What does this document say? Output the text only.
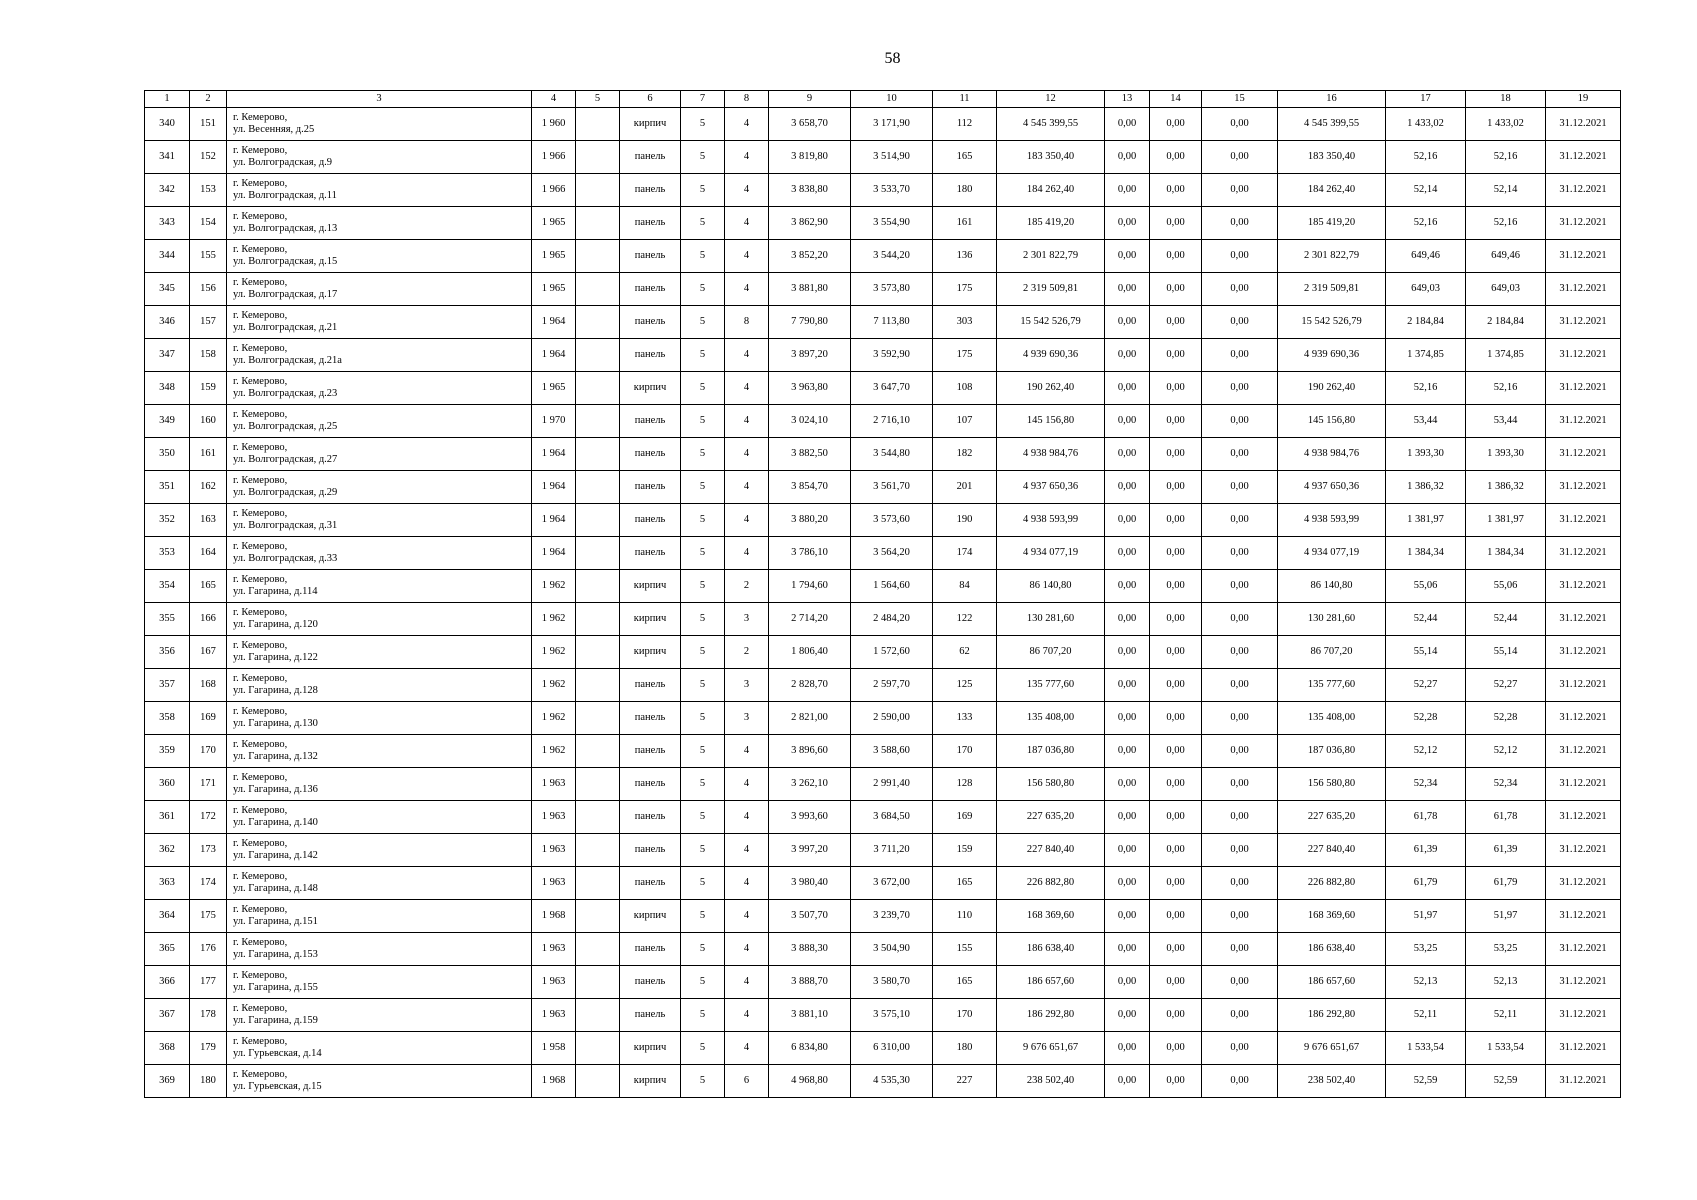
58
1	2	3	4	5	6	7	8	9	10	11	12	13	14	15	16	17	18	19
340	151	г. Кемерово,
ул. Весенняя, д.25	1 960		кирпич	5	4	3 658,70	3 171,90	112	4 545 399,55	0,00	0,00	0,00	4 545 399,55	1 433,02	1 433,02	31.12.2021
341	152	г. Кемерово,
ул. Волгоградская, д.9	1 966		панель	5	4	3 819,80	3 514,90	165	183 350,40	0,00	0,00	0,00	183 350,40	52,16	52,16	31.12.2021
342	153	г. Кемерово,
ул. Волгоградская, д.11	1 966		панель	5	4	3 838,80	3 533,70	180	184 262,40	0,00	0,00	0,00	184 262,40	52,14	52,14	31.12.2021
343	154	г. Кемерово,
ул. Волгоградская, д.13	1 965		панель	5	4	3 862,90	3 554,90	161	185 419,20	0,00	0,00	0,00	185 419,20	52,16	52,16	31.12.2021
344	155	г. Кемерово,
ул. Волгоградская, д.15	1 965		панель	5	4	3 852,20	3 544,20	136	2 301 822,79	0,00	0,00	0,00	2 301 822,79	649,46	649,46	31.12.2021
345	156	г. Кемерово,
ул. Волгоградская, д.17	1 965		панель	5	4	3 881,80	3 573,80	175	2 319 509,81	0,00	0,00	0,00	2 319 509,81	649,03	649,03	31.12.2021
346	157	г. Кемерово,
ул. Волгоградская, д.21	1 964		панель	5	8	7 790,80	7 113,80	303	15 542 526,79	0,00	0,00	0,00	15 542 526,79	2 184,84	2 184,84	31.12.2021
347	158	г. Кемерово,
ул. Волгоградская, д.21а	1 964		панель	5	4	3 897,20	3 592,90	175	4 939 690,36	0,00	0,00	0,00	4 939 690,36	1 374,85	1 374,85	31.12.2021
348	159	г. Кемерово,
ул. Волгоградская, д.23	1 965		кирпич	5	4	3 963,80	3 647,70	108	190 262,40	0,00	0,00	0,00	190 262,40	52,16	52,16	31.12.2021
349	160	г. Кемерово,
ул. Волгоградская, д.25	1 970		панель	5	4	3 024,10	2 716,10	107	145 156,80	0,00	0,00	0,00	145 156,80	53,44	53,44	31.12.2021
350	161	г. Кемерово,
ул. Волгоградская, д.27	1 964		панель	5	4	3 882,50	3 544,80	182	4 938 984,76	0,00	0,00	0,00	4 938 984,76	1 393,30	1 393,30	31.12.2021
351	162	г. Кемерово,
ул. Волгоградская, д.29	1 964		панель	5	4	3 854,70	3 561,70	201	4 937 650,36	0,00	0,00	0,00	4 937 650,36	1 386,32	1 386,32	31.12.2021
352	163	г. Кемерово,
ул. Волгоградская, д.31	1 964		панель	5	4	3 880,20	3 573,60	190	4 938 593,99	0,00	0,00	0,00	4 938 593,99	1 381,97	1 381,97	31.12.2021
353	164	г. Кемерово,
ул. Волгоградская, д.33	1 964		панель	5	4	3 786,10	3 564,20	174	4 934 077,19	0,00	0,00	0,00	4 934 077,19	1 384,34	1 384,34	31.12.2021
354	165	г. Кемерово,
ул. Гагарина, д.114	1 962		кирпич	5	2	1 794,60	1 564,60	84	86 140,80	0,00	0,00	0,00	86 140,80	55,06	55,06	31.12.2021
355	166	г. Кемерово,
ул. Гагарина, д.120	1 962		кирпич	5	3	2 714,20	2 484,20	122	130 281,60	0,00	0,00	0,00	130 281,60	52,44	52,44	31.12.2021
356	167	г. Кемерово,
ул. Гагарина, д.122	1 962		кирпич	5	2	1 806,40	1 572,60	62	86 707,20	0,00	0,00	0,00	86 707,20	55,14	55,14	31.12.2021
357	168	г. Кемерово,
ул. Гагарина, д.128	1 962		панель	5	3	2 828,70	2 597,70	125	135 777,60	0,00	0,00	0,00	135 777,60	52,27	52,27	31.12.2021
358	169	г. Кемерово,
ул. Гагарина, д.130	1 962		панель	5	3	2 821,00	2 590,00	133	135 408,00	0,00	0,00	0,00	135 408,00	52,28	52,28	31.12.2021
359	170	г. Кемерово,
ул. Гагарина, д.132	1 962		панель	5	4	3 896,60	3 588,60	170	187 036,80	0,00	0,00	0,00	187 036,80	52,12	52,12	31.12.2021
360	171	г. Кемерово,
ул. Гагарина, д.136	1 963		панель	5	4	3 262,10	2 991,40	128	156 580,80	0,00	0,00	0,00	156 580,80	52,34	52,34	31.12.2021
361	172	г. Кемерово,
ул. Гагарина, д.140	1 963		панель	5	4	3 993,60	3 684,50	169	227 635,20	0,00	0,00	0,00	227 635,20	61,78	61,78	31.12.2021
362	173	г. Кемерово,
ул. Гагарина, д.142	1 963		панель	5	4	3 997,20	3 711,20	159	227 840,40	0,00	0,00	0,00	227 840,40	61,39	61,39	31.12.2021
363	174	г. Кемерово,
ул. Гагарина, д.148	1 963		панель	5	4	3 980,40	3 672,00	165	226 882,80	0,00	0,00	0,00	226 882,80	61,79	61,79	31.12.2021
364	175	г. Кемерово,
ул. Гагарина, д.151	1 968		кирпич	5	4	3 507,70	3 239,70	110	168 369,60	0,00	0,00	0,00	168 369,60	51,97	51,97	31.12.2021
365	176	г. Кемерово,
ул. Гагарина, д.153	1 963		панель	5	4	3 888,30	3 504,90	155	186 638,40	0,00	0,00	0,00	186 638,40	53,25	53,25	31.12.2021
366	177	г. Кемерово,
ул. Гагарина, д.155	1 963		панель	5	4	3 888,70	3 580,70	165	186 657,60	0,00	0,00	0,00	186 657,60	52,13	52,13	31.12.2021
367	178	г. Кемерово,
ул. Гагарина, д.159	1 963		панель	5	4	3 881,10	3 575,10	170	186 292,80	0,00	0,00	0,00	186 292,80	52,11	52,11	31.12.2021
368	179	г. Кемерово,
ул. Гурьевская, д.14	1 958		кирпич	5	4	6 834,80	6 310,00	180	9 676 651,67	0,00	0,00	0,00	9 676 651,67	1 533,54	1 533,54	31.12.2021
369	180	г. Кемерово,
ул. Гурьевская, д.15	1 968		кирпич	5	6	4 968,80	4 535,30	227	238 502,40	0,00	0,00	0,00	238 502,40	52,59	52,59	31.12.2021
